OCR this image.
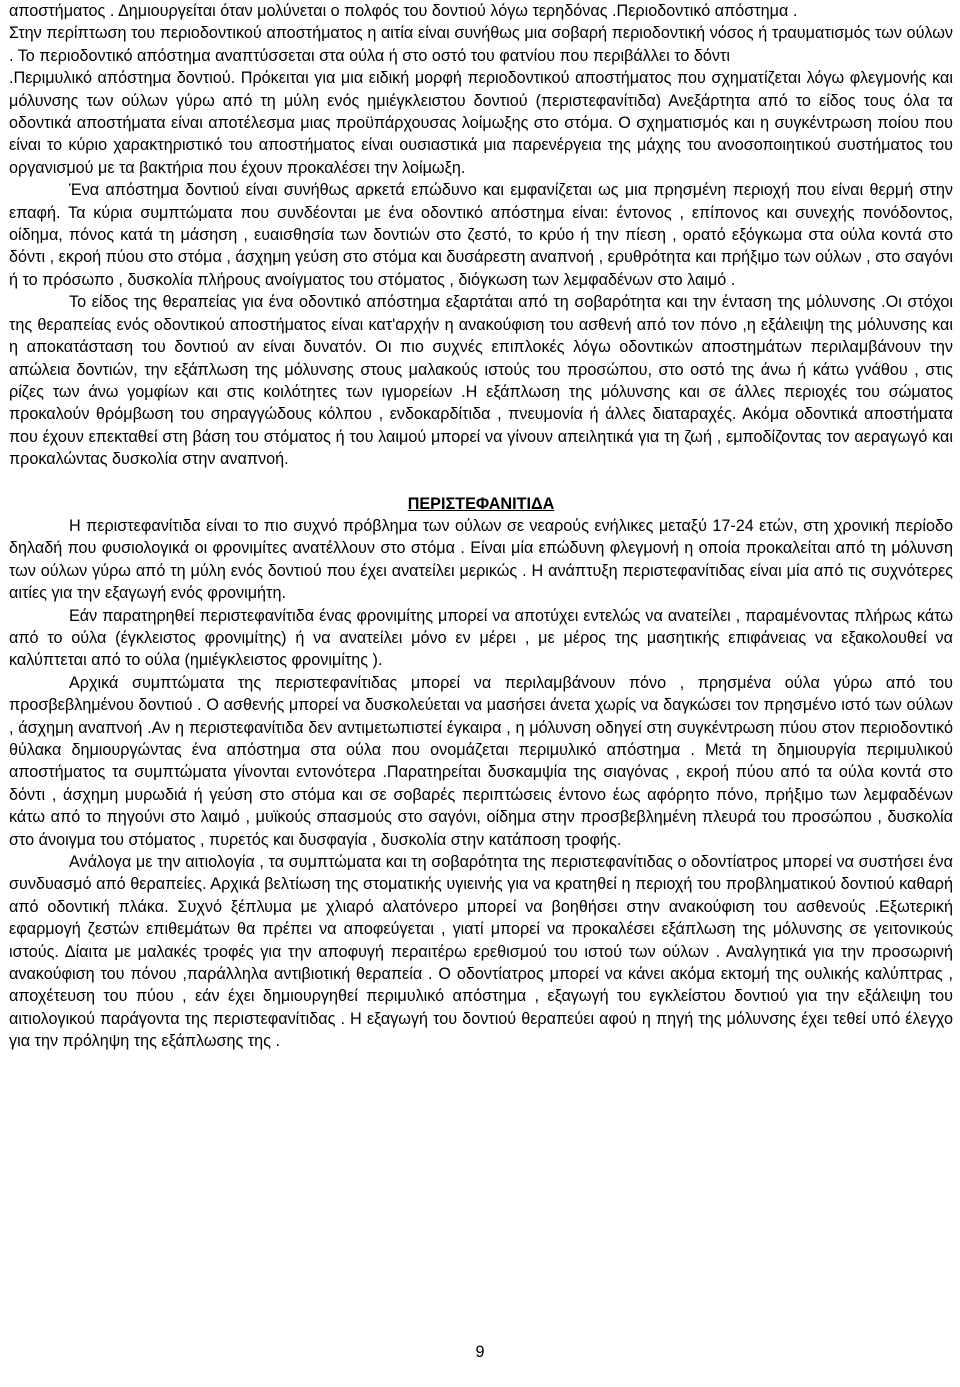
αποστήματος . Δημιουργείται όταν μολύνεται ο πολφός του δοντιού λόγω τερηδόνας .Περιοδοντικό απόστημα .

Στην περίπτωση του περιοδοντικού αποστήματος η αιτία είναι συνήθως μια σοβαρή περιοδοντική νόσος ή τραυματισμός των ούλων . Το περιοδοντικό απόστημα αναπτύσσεται στα ούλα ή στο οστό του φατνίου που περιβάλλει το δόντι

.Περιμυλικό απόστημα δοντιού. Πρόκειται για μια ειδική μορφή περιοδοντικού αποστήματος που σχηματίζεται λόγω φλεγμονής και μόλυνσης των ούλων γύρω από τη μύλη ενός ημιέγκλειστου δοντιού (περιστεφανίτιδα) Ανεξάρτητα από το είδος τους όλα τα οδοντικά αποστήματα είναι αποτέλεσμα μιας προϋπάρχουσας λοίμωξης στο στόμα. Ο σχηματισμός και η συγκέντρωση ποίου που είναι το κύριο χαρακτηριστικό του αποστήματος είναι ουσιαστικά μια παρενέργεια της μάχης του ανοσοποιητικού συστήματος του οργανισμού με τα βακτήρια που έχουν προκαλέσει την λοίμωξη.

Ένα απόστημα δοντιού είναι συνήθως αρκετά επώδυνο και εμφανίζεται ως μια πρησμένη περιοχή που είναι θερμή στην επαφή. Τα κύρια συμπτώματα που συνδέονται με ένα οδοντικό απόστημα είναι: έντονος , επίπονος και συνεχής πονόδοντος, οίδημα, πόνος κατά τη μάσηση , ευαισθησία των δοντιών στο ζεστό, το κρύο ή την πίεση , ορατό εξόγκωμα στα ούλα κοντά στο δόντι , εκροή πύου στο στόμα , άσχημη γεύση στο στόμα και δυσάρεστη αναπνοή , ερυθρότητα και πρήξιμο των ούλων , στο σαγόνι ή το πρόσωπο , δυσκολία πλήρους ανοίγματος του στόματος , διόγκωση των λεμφαδένων στο λαιμό .

Το είδος της θεραπείας για ένα οδοντικό απόστημα εξαρτάται από τη σοβαρότητα και την ένταση της μόλυνσης .Οι στόχοι της θεραπείας ενός οδοντικού αποστήματος είναι κατ'αρχήν η ανακούφιση του ασθενή από τον πόνο ,η εξάλειψη της μόλυνσης και η αποκατάσταση του δοντιού αν είναι δυνατόν. Οι πιο συχνές επιπλοκές λόγω οδοντικών αποστημάτων περιλαμβάνουν την απώλεια δοντιών, την εξάπλωση της μόλυνσης στους μαλακούς ιστούς του προσώπου, στο οστό της άνω ή κάτω γνάθου , στις ρίζες των άνω γομφίων και στις κοιλότητες των ιγμορείων .Η εξάπλωση της μόλυνσης και σε άλλες περιοχές του σώματος προκαλούν θρόμβωση του σηραγγώδους κόλπου , ενδοκαρδίτιδα , πνευμονία ή άλλες διαταραχές. Ακόμα οδοντικά αποστήματα που έχουν επεκταθεί στη βάση του στόματος ή του λαιμού μπορεί να γίνουν απειλητικά για τη ζωή , εμποδίζοντας τον αεραγωγό και προκαλώντας δυσκολία στην αναπνοή.

ΠΕΡΙΣΤΕΦΑΝΙΤΙΔΑ

Η περιστεφανίτιδα είναι το πιο συχνό πρόβλημα των ούλων σε νεαρούς ενήλικες μεταξύ 17-24 ετών, στη χρονική περίοδο δηλαδή που φυσιολογικά οι φρονιμίτες ανατέλλουν στο στόμα . Είναι μία επώδυνη φλεγμονή η οποία προκαλείται από τη μόλυνση των ούλων γύρω από τη μύλη ενός δοντιού που έχει ανατείλει μερικώς . Η ανάπτυξη περιστεφανίτιδας είναι μία από τις συχνότερες αιτίες για την εξαγωγή ενός φρονιμήτη.

Εάν παρατηρηθεί περιστεφανίτιδα ένας φρονιμίτης μπορεί να αποτύχει εντελώς να ανατείλει , παραμένοντας πλήρως κάτω από το ούλα (έγκλειστος φρονιμίτης) ή να ανατείλει μόνο εν μέρει , με μέρος της μασητικής επιφάνειας να εξακολουθεί να καλύπτεται από το ούλα (ημιέγκλειστος φρονιμίτης ).

Αρχικά συμπτώματα της περιστεφανίτιδας μπορεί να περιλαμβάνουν πόνο , πρησμένα ούλα γύρω από του προσβεβλημένου δοντιού . Ο ασθενής μπορεί να δυσκολεύεται να μασήσει άνετα χωρίς να δαγκώσει τον πρησμένο ιστό των ούλων , άσχημη αναπνοή .Αν η περιστεφανίτιδα δεν αντιμετωπιστεί έγκαιρα , η μόλυνση οδηγεί στη συγκέντρωση πύου στον περιοδοντικό θύλακα δημιουργώντας ένα απόστημα στα ούλα που ονομάζεται περιμυλικό απόστημα . Μετά τη δημιουργία περιμυλικού αποστήματος τα συμπτώματα γίνονται εντονότερα .Παρατηρείται δυσκαμψία της σιαγόνας , εκροή πύου από τα ούλα κοντά στο δόντι , άσχημη μυρωδιά ή γεύση στο στόμα και σε σοβαρές περιπτώσεις έντονο έως αφόρητο πόνο, πρήξιμο των λεμφαδένων κάτω από το πηγούνι στο λαιμό , μυϊκούς σπασμούς στο σαγόνι, οίδημα στην προσβεβλημένη πλευρά του προσώπου , δυσκολία στο άνοιγμα του στόματος , πυρετός και δυσφαγία , δυσκολία στην κατάποση τροφής.

Ανάλογα με την αιτιολογία , τα συμπτώματα και τη σοβαρότητα της περιστεφανίτιδας ο οδοντίατρος μπορεί να συστήσει ένα συνδυασμό από θεραπείες. Αρχικά βελτίωση της στοματικής υγιεινής για να κρατηθεί η περιοχή του προβληματικού δοντιού καθαρή από οδοντική πλάκα. Συχνό ξέπλυμα με χλιαρό αλατόνερο μπορεί να βοηθήσει στην ανακούφιση του ασθενούς .Εξωτερική εφαρμογή ζεστών επιθεμάτων θα πρέπει να αποφεύγεται , γιατί μπορεί να προκαλέσει εξάπλωση της μόλυνσης σε γειτονικούς ιστούς. Δίαιτα με μαλακές τροφές για την αποφυγή περαιτέρω ερεθισμού του ιστού των ούλων . Αναλγητικά για την προσωρινή ανακούφιση του πόνου ,παράλληλα αντιβιοτική θεραπεία . Ο οδοντίατρος μπορεί να κάνει ακόμα εκτομή της ουλικής καλύπτρας , αποχέτευση του πύου , εάν έχει δημιουργηθεί περιμυλικό απόστημα , εξαγωγή του εγκλείστου δοντιού για την εξάλειψη του αιτιολογικού παράγοντα της περιστεφανίτιδας . Η εξαγωγή του δοντιού θεραπεύει αφού η πηγή της μόλυνσης έχει τεθεί υπό έλεγχο για την πρόληψη της εξάπλωσης της .

9
